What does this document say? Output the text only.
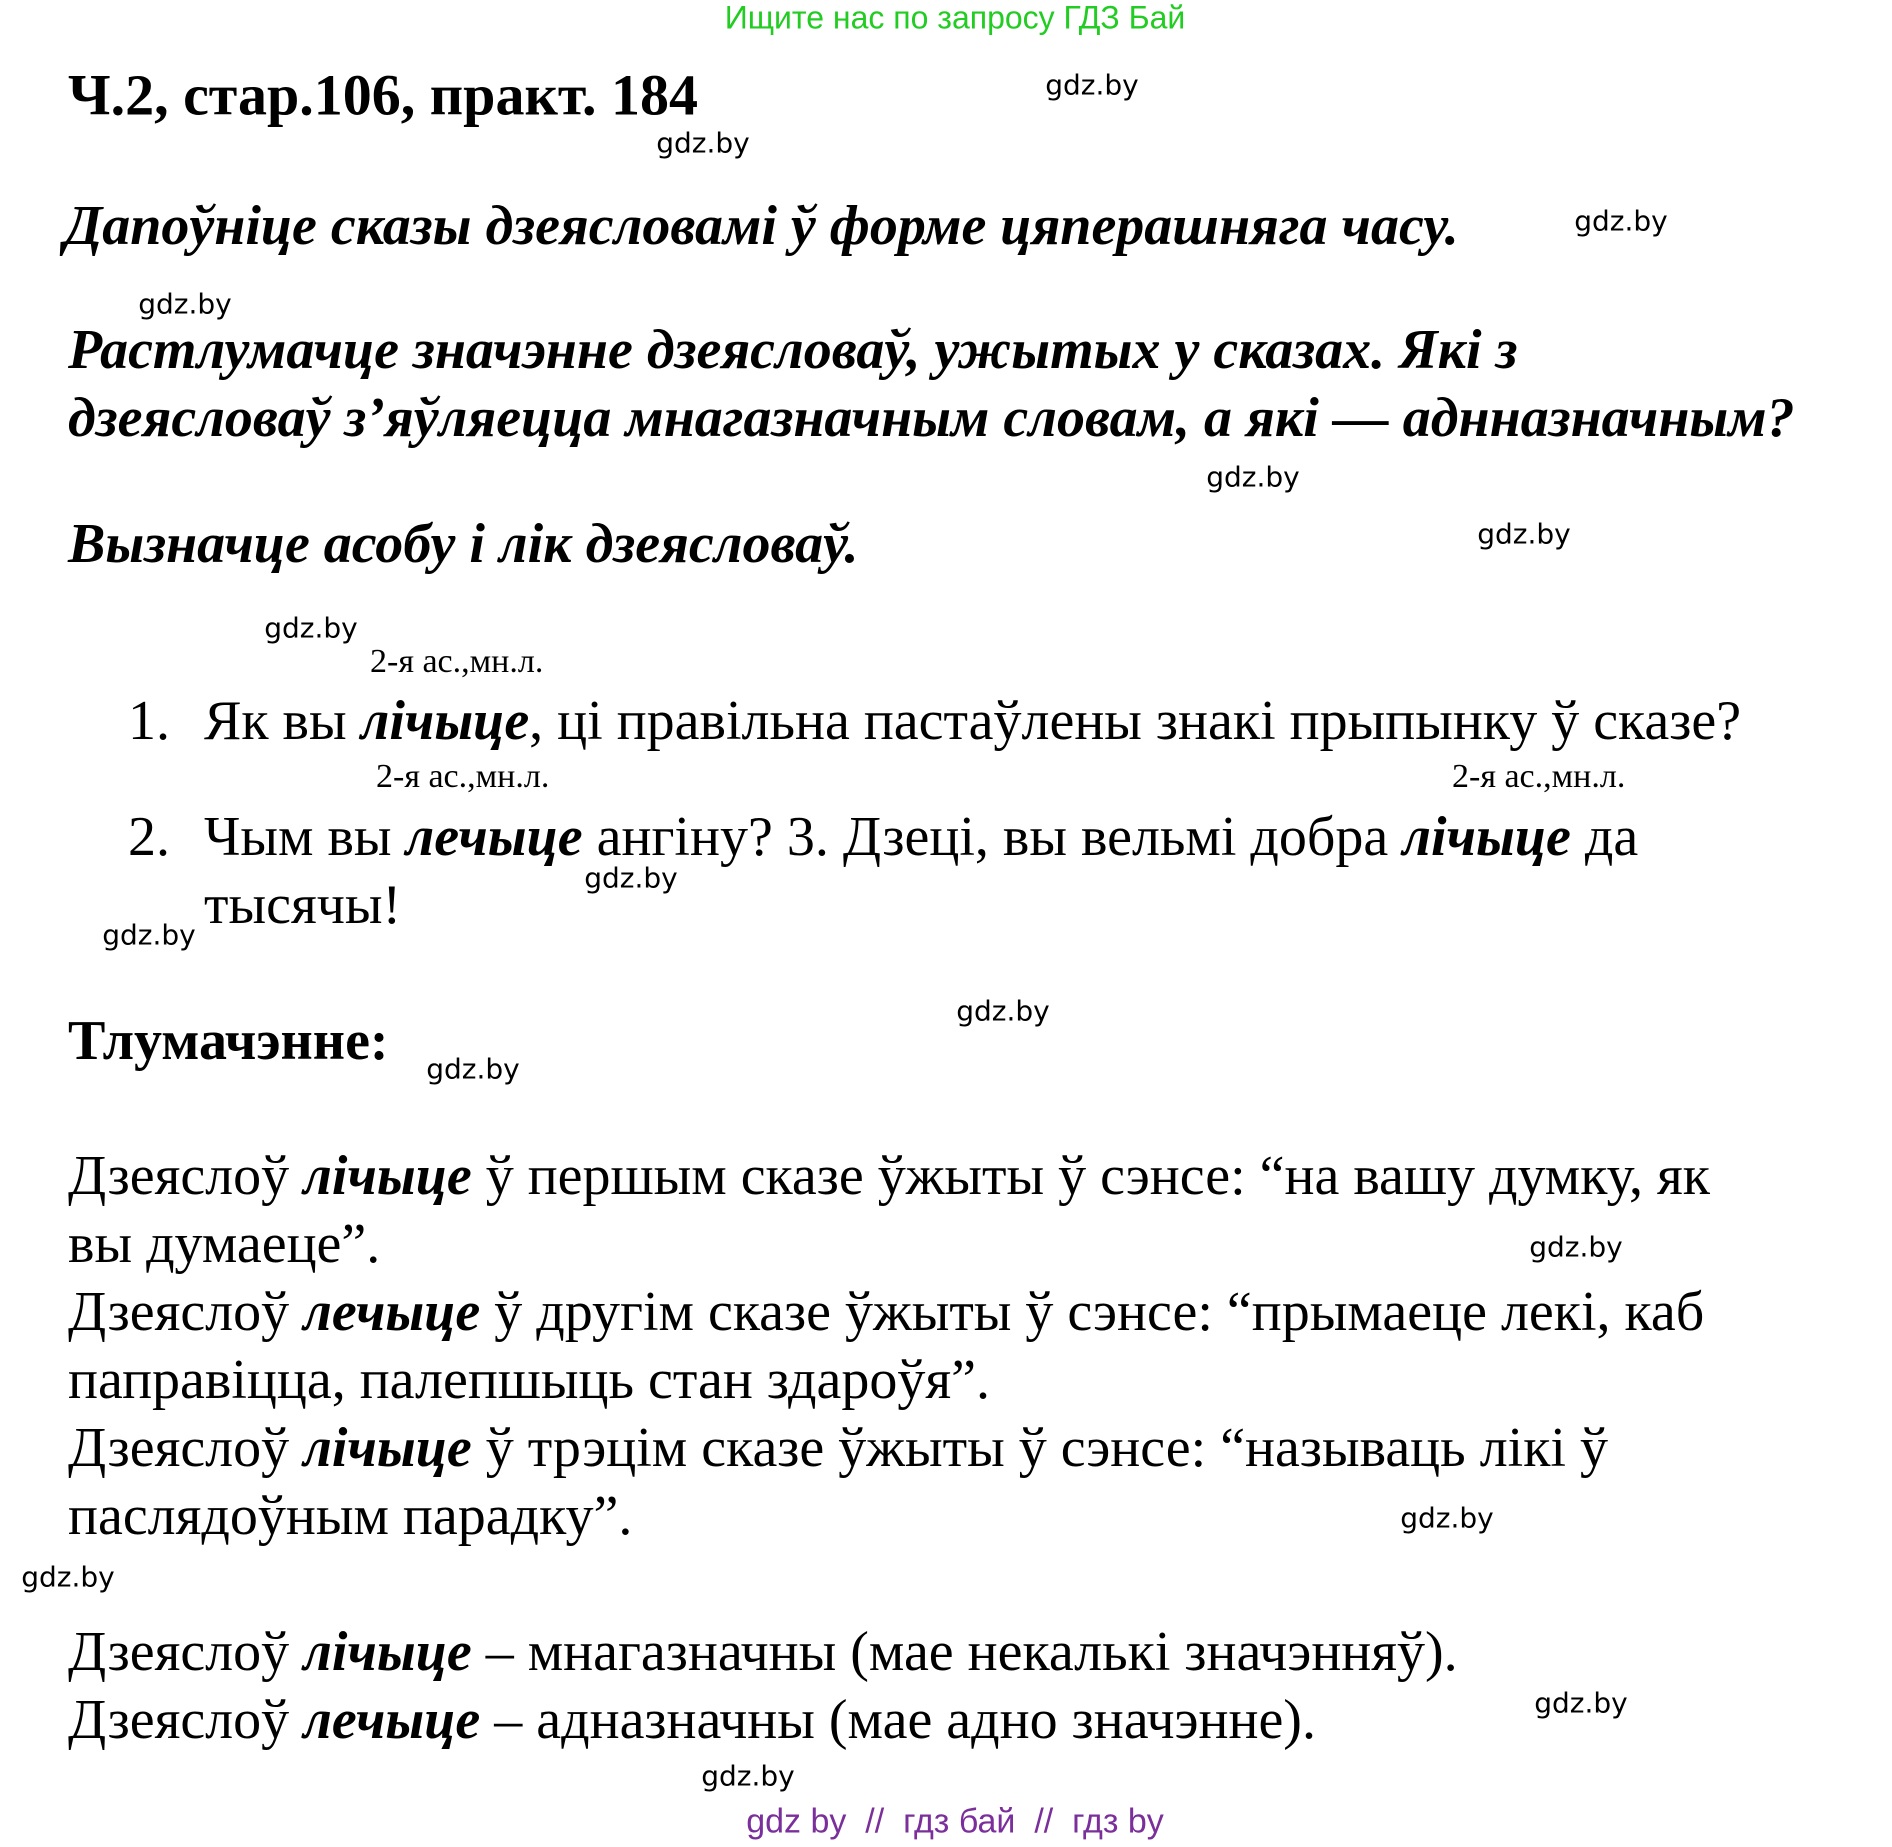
Ищите нас по запросу ГДЗ Бай
Ч.2, стар.106, практ. 184
Дапоўніце сказы дзеясловамі ў форме цяперашняга часу.
Растлумачце значэнне дзеясловаў, ужытых у сказах. Які з
дзеясловаў з’яўляецца мнагазначным словам, а які — аднназначным?
Вызначце асобу і лік дзеясловаў.
2-я ас.,мн.л.
1. Як вы лічыце, ці правільна пастаўлены знакі прыпынку ў сказе?
2-я ас.,мн.л.	2-я ас.,мн.л.
2. Чым вы лечыце ангіну? 3. Дзеці, вы вельмі добра лічыце да
тысячы!
Тлумачэнне:
Дзеяслоў лічыце ў першым сказе ўжыты ў сэнсе: “на вашу думку, як
вы думаеце”.
Дзеяслоў лечыце ў другім сказе ўжыты ў сэнсе: “прымаеце лекі, каб
паправіцца, палепшыць стан здароўя”.
Дзеяслоў лічыце ў трэцім сказе ўжыты ў сэнсе: “называць лікі ў
паслядоўным парадку”.
Дзеяслоў лічыце – мнагазначны (мае некалькі значэнняў).
Дзеяслоў лечыце – адназначны (мае адно значэнне).
gdz.by
gdz.by
gdz.by
gdz.by
gdz.by
gdz.by
gdz.by
gdz.by
gdz.by
gdz.by
gdz.by
gdz.by
gdz.by
gdz.by
gdz.by
gdz.by
gdz by  //  гдз бай  //  гдз by
